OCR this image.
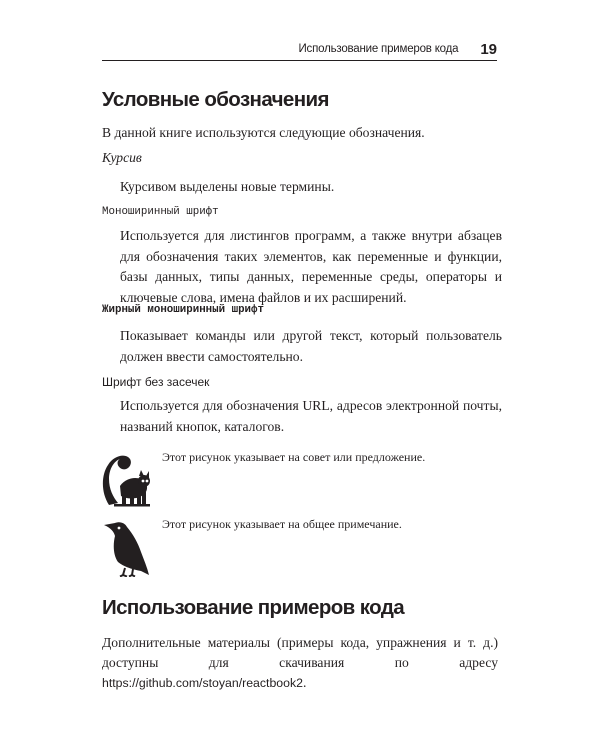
Использование примеров кода 19
Условные обозначения

В данной книге используются следующие обозначения.

Курсив

Курсивом выделены новые термины.

Моноширинный шрифт

Используется для листингов программ, а также внутри абзацев для обозначения таких элементов, как переменные и функции, базы данных, типы данных, переменные среды, операторы и ключевые слова, имена файлов и их расширений.

Жирный моноширинный шрифт

Показывает команды или другой текст, который пользователь должен ввести самостоятельно.

Шрифт без засечек

Используется для обозначения URL, адресов электронной почты, названий кнопок, каталогов.

Этот рисунок указывает на совет или предложение.
Этот рисунок указывает на общее примечание.
Использование примеров кода

Дополнительные материалы (примеры кода, упражнения и т. д.) доступны для скачивания по адресу https://github.com/stoyan/reactbook2.
